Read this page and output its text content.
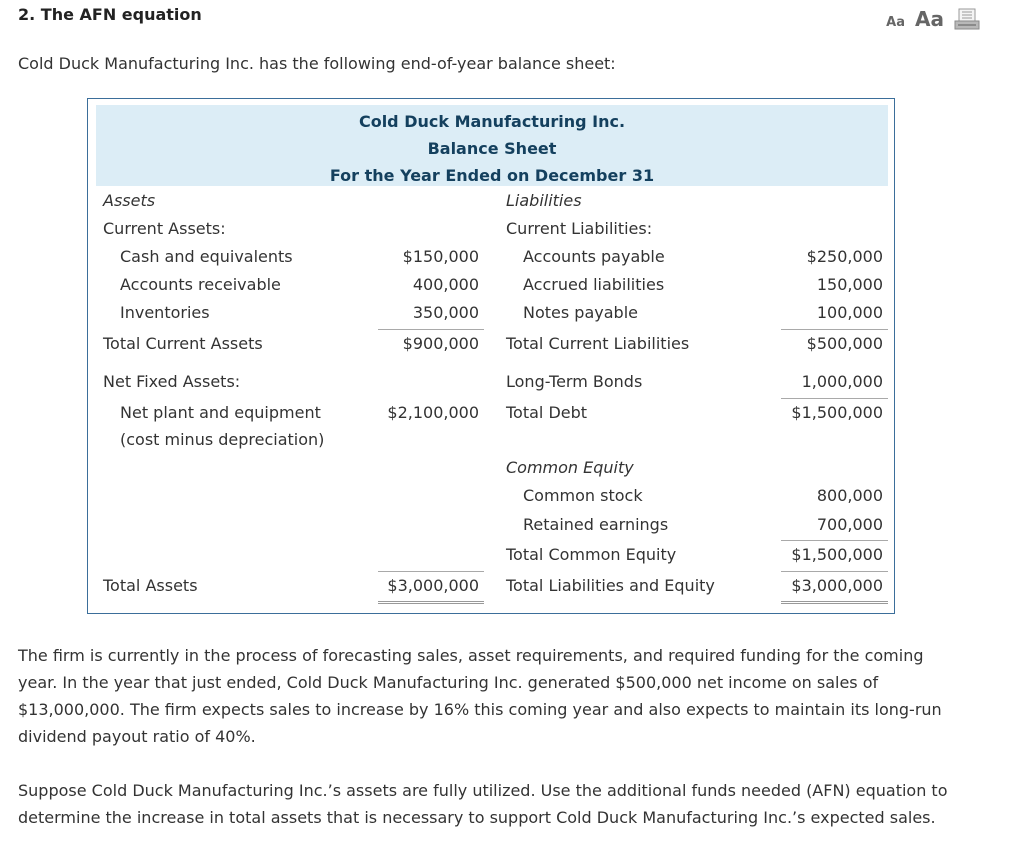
2. The AFN equation	Aa Aa
Cold Duck Manufacturing Inc. has the following end-of-year balance sheet:
Cold Duck Manufacturing Inc.
Balance Sheet
For the Year Ended on December 31
Assets
Current Assets:
Cash and equivalents
Accounts receivable
Inventories
Total Current Assets
Net Fixed Assets:
Net plant and equipment
(cost minus depreciation)
Total Assets
$150,000
400,000
350,000
$900,000
$2,100,000
$3,000,000
Liabilities
Current Liabilities:
Accounts payable
Accrued liabilities
Notes payable
Total Current Liabilities
Long-Term Bonds
Total Debt
Common Equity
Common stock
Retained earnings
Total Common Equity
Total Liabilities and Equity
$250,000
150,000
100,000
$500,000
1,000,000
$1,500,000
800,000
700,000
$1,500,000
$3,000,000
The firm is currently in the process of forecasting sales, asset requirements, and required funding for the coming
year. In the year that just ended, Cold Duck Manufacturing Inc. generated $500,000 net income on sales of
$13,000,000. The firm expects sales to increase by 16% this coming year and also expects to maintain its long-run
dividend payout ratio of 40%.
Suppose Cold Duck Manufacturing Inc.’s assets are fully utilized. Use the additional funds needed (AFN) equation to
determine the increase in total assets that is necessary to support Cold Duck Manufacturing Inc.’s expected sales.
